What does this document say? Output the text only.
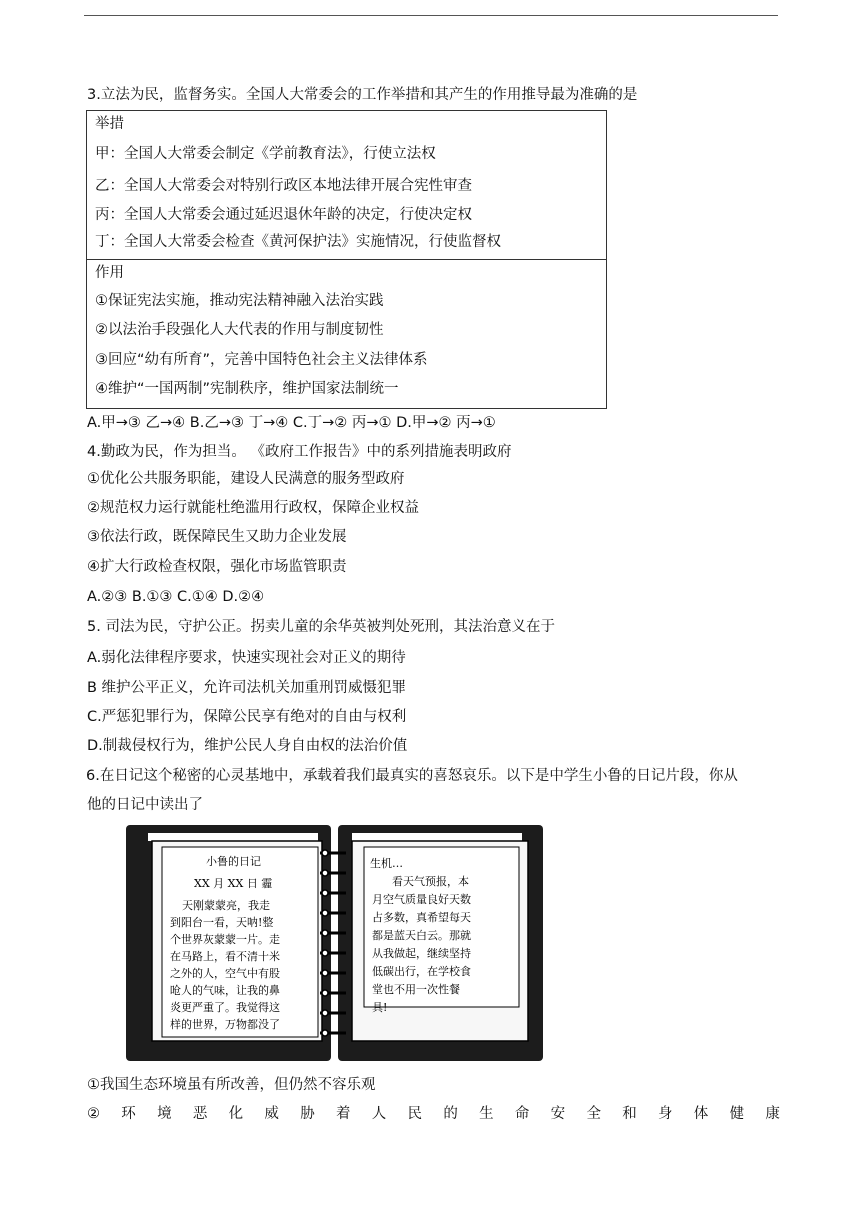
3.立法为民，监督务实。全国人大常委会的工作举措和其产生的作用推导最为准确的是
举措
甲：全国人大常委会制定《学前教育法》，行使立法权
乙：全国人大常委会对特别行政区本地法律开展合宪性审查
丙：全国人大常委会通过延迟退休年龄的决定，行使决定权
丁：全国人大常委会检查《黄河保护法》实施情况，行使监督权
作用
①保证宪法实施，推动宪法精神融入法治实践
②以法治手段强化人大代表的作用与制度韧性
③回应“幼有所育”，完善中国特色社会主义法律体系
④维护“一国两制”宪制秩序，维护国家法制统一
A.甲→③ 乙→④ B.乙→③ 丁→④ C.丁→② 丙→① D.甲→② 丙→①
4.勤政为民，作为担当。 《政府工作报告》中的系列措施表明政府
①优化公共服务职能，建设人民满意的服务型政府
②规范权力运行就能杜绝滥用行政权，保障企业权益
③依法行政，既保障民生又助力企业发展
④扩大行政检查权限，强化市场监管职责
A.②③ B.①③ C.①④ D.②④
5. 司法为民，守护公正。拐卖儿童的余华英被判处死刑，其法治意义在于
A.弱化法律程序要求，快速实现社会对正义的期待
B 维护公平正义，允许司法机关加重刑罚威慑犯罪
C.严惩犯罪行为，保障公民享有绝对的自由与权利
D.制裁侵权行为，维护公民人身自由权的法治价值
6.在日记这个秘密的心灵基地中，承载着我们最真实的喜怒哀乐。以下是中学生小鲁的日记片段，你从
他的日记中读出了
小鲁的日记
XX 月 XX 日 霾
天刚蒙蒙亮，我走
到阳台一看，天呐!整
个世界灰蒙蒙一片。走
在马路上，看不清十米
之外的人，空气中有股
呛人的气味，让我的鼻
炎更严重了。我觉得这
样的世界，万物都没了
生机…
看天气预报，本
月空气质量良好天数
占多数，真希望每天
都是蓝天白云。那就
从我做起，继续坚持
低碳出行，在学校食
堂也不用一次性餐
具!
①我国生态环境虽有所改善，但仍然不容乐观
② 环 境 恶 化 威 胁 着 人 民 的 生 命 安 全 和 身 体 健 康
